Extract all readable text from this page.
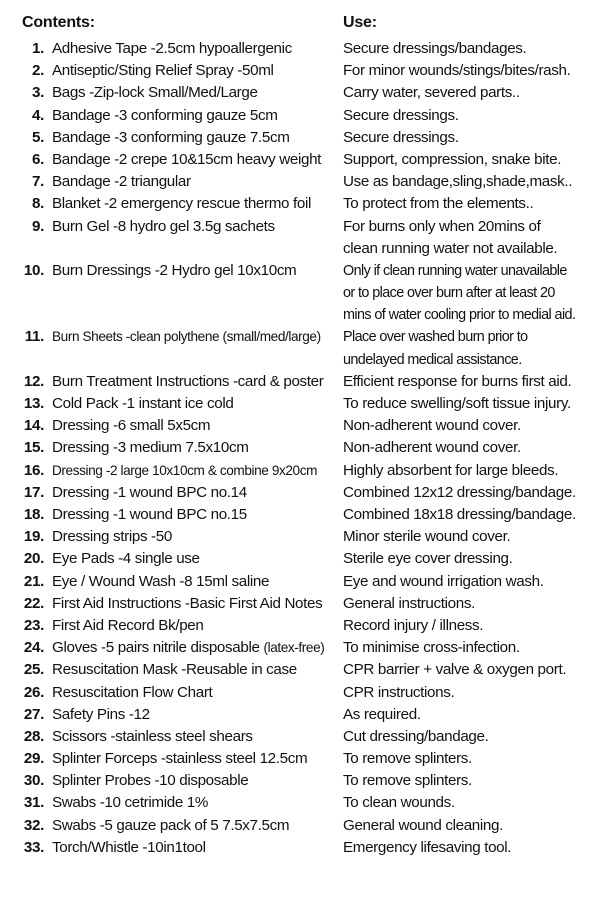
Contents:	Use:
1. Adhesive Tape -2.5cm hypoallergenic	Secure dressings/bandages.
2. Antiseptic/Sting Relief Spray -50ml	For minor wounds/stings/bites/rash.
3. Bags -Zip-lock Small/Med/Large	Carry water, severed parts..
4. Bandage -3 conforming gauze 5cm	Secure dressings.
5. Bandage -3 conforming gauze 7.5cm	Secure dressings.
6. Bandage -2 crepe 10&15cm heavy weight	Support, compression, snake bite.
7. Bandage -2 triangular	Use as bandage,sling,shade,mask..
8. Blanket -2 emergency rescue thermo foil	To protect from the elements..
9. Burn Gel -8 hydro gel 3.5g sachets	For burns only when 20mins of
clean running water not available.
10. Burn Dressings -2 Hydro gel 10x10cm	Only if clean running water unavailable
or to place over burn after at least 20
mins of water cooling prior to medial aid.
11. Burn Sheets -clean polythene (small/med/large)	Place over washed burn prior to
undelayed medical assistance.
12. Burn Treatment Instructions -card & poster	Efficient response for burns first aid.
13. Cold Pack -1 instant ice cold	To reduce swelling/soft tissue injury.
14. Dressing -6 small 5x5cm	Non-adherent wound cover.
15. Dressing -3 medium 7.5x10cm	Non-adherent wound cover.
16. Dressing -2 large 10x10cm & combine 9x20cm	Highly absorbent for large bleeds.
17. Dressing -1 wound BPC no.14	Combined 12x12 dressing/bandage.
18. Dressing -1 wound BPC no.15	Combined 18x18 dressing/bandage.
19. Dressing strips -50	Minor sterile wound cover.
20. Eye Pads -4 single use	Sterile eye cover dressing.
21. Eye / Wound Wash -8 15ml saline	Eye and wound irrigation wash.
22. First Aid Instructions -Basic First Aid Notes	General instructions.
23. First Aid Record Bk/pen	Record injury / illness.
24. Gloves -5 pairs nitrile disposable (latex-free)	To minimise cross-infection.
25. Resuscitation Mask -Reusable in case	CPR barrier + valve & oxygen port.
26. Resuscitation Flow Chart	CPR instructions.
27. Safety Pins -12	As required.
28. Scissors -stainless steel shears	Cut dressing/bandage.
29. Splinter Forceps -stainless steel 12.5cm	To remove splinters.
30. Splinter Probes -10 disposable	To remove splinters.
31. Swabs -10 cetrimide 1%	To clean wounds.
32. Swabs -5 gauze pack of 5 7.5x7.5cm	General wound cleaning.
33. Torch/Whistle -10in1tool	Emergency lifesaving tool.
